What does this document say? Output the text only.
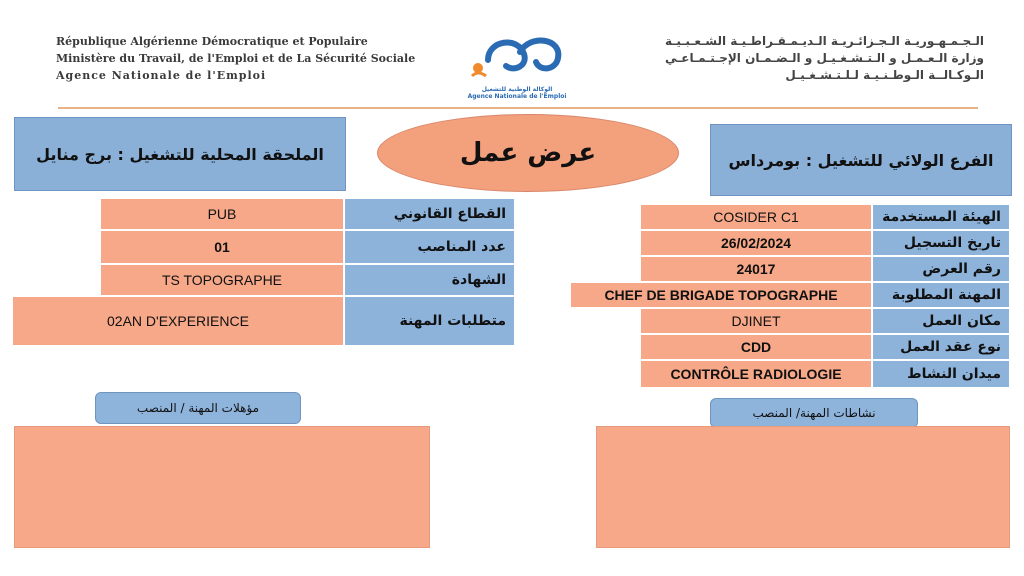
République Algérienne Démocratique et Populaire
Ministère du Travail, de l'Emploi et de La Sécurité Sociale
Agence Nationale de l'Emploi
الوكالة الوطنية للتشغيل
Agence Nationale de l'Emploi
الـجـمـهـوريـة الـجـزائـريـة الـديـمـقـراطـيـة الشـعـبـيـة
وزارة الـعـمـل و الـتـشـغـيـل و الـضـمـان الإجـتـمـاعـي
الـوكـالــة الـوطـنـيـة لـلـتـشـغـيـل
الملحقة المحلية للتشغيل : برج منايل	عرض عمل	الفرع الولائي للتشغيل : بومرداس
PUB	القطاع القانوني
01	عدد المناصب
TS TOPOGRAPHE	الشهادة
02AN D'EXPERIENCE	متطلبات المهنة
COSIDER C1	الهيئة المستخدمة
26/02/2024	تاريخ التسجيل
24017	رقم العرض
CHEF DE BRIGADE TOPOGRAPHE	المهنة المطلوبة
DJINET	مكان العمل
CDD	نوع عقد العمل
CONTRÔLE RADIOLOGIE	ميدان النشاط
مؤهلات المهنة / المنصب	نشاطات المهنة/ المنصب
